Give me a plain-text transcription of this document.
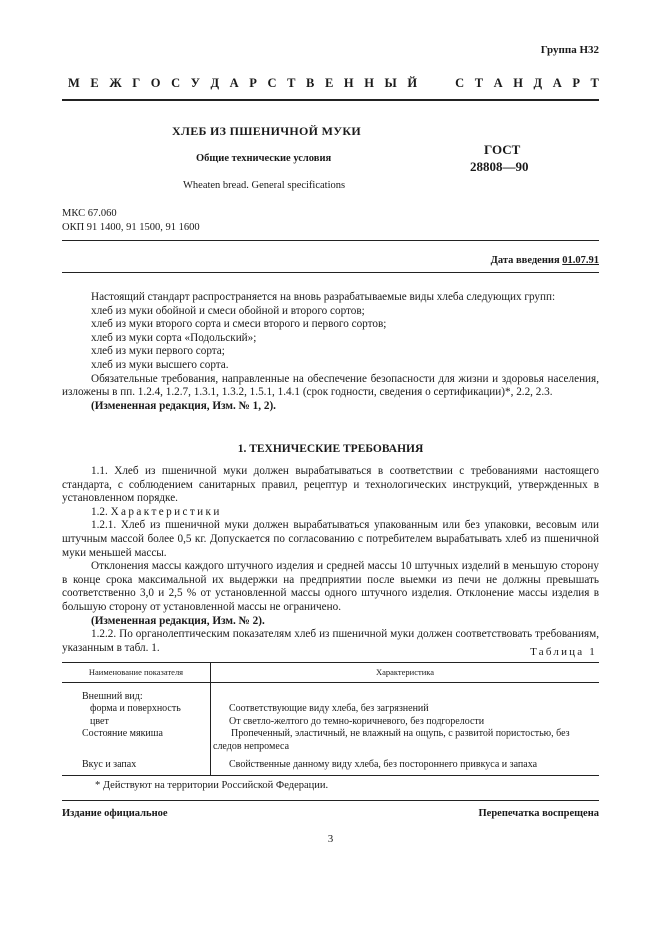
Группа Н32
М Е Ж Г О С У Д А Р С Т В Е Н Н Ы Й

	С Т А Н Д А Р Т
ХЛЕБ ИЗ ПШЕНИЧНОЙ МУКИ
Общие технические условия
Wheaten bread. General specifications
ГОСТ
28808—90
МКС 67.060
ОКП 91 1400, 91 1500, 91 1600
Дата введения 01.07.91

Настоящий стандарт распространяется на вновь разрабатываемые виды хлеба следующих групп:

хлеб из муки обойной и смеси обойной и второго сортов;

хлеб из муки второго сорта и смеси второго и первого сортов;

хлеб из муки сорта «Подольский»;

хлеб из муки первого сорта;

хлеб из муки высшего сорта.

Обязательные требования, направленные на обеспечение безопасности для жизни и здоровья населения, изложены в пп. 1.2.4, 1.2.7, 1.3.1, 1.3.2, 1.5.1, 1.4.1 (срок годности, сведения о сертификации)*, 2.2, 2.3.

(Измененная редакция, Изм. № 1, 2).

1. ТЕХНИЧЕСКИЕ ТРЕБОВАНИЯ

1.1. Хлеб из пшеничной муки должен вырабатываться в соответствии с требованиями настоящего стандарта, с соблюдением санитарных правил, рецептур и технологических инструкций, утвержденных в установленном порядке.

1.2. Характеристики

1.2.1. Хлеб из пшеничной муки должен вырабатываться упакованным или без упаковки, весовым или штучным массой более 0,5 кг. Допускается по согласованию с потребителем вырабатывать хлеб из пшеничной муки меньшей массы.

Отклонения массы каждого штучного изделия и средней массы 10 штучных изделий в меньшую сторону в конце срока максимальной их выдержки на предприятии после выемки из печи не должны превышать соответственно 3,0 и 2,5 % от установленной массы одного штучного изделия. Отклонение массы изделия в большую сторону от установленной массы не ограничено.

(Измененная редакция, Изм. № 2).

1.2.2. По органолептическим показателям хлеб из пшеничной муки должен соответствовать требованиям, указанным в табл. 1.	Таблица 1
Наименование показателя	Характеристика
Внешний вид:	
форма и поверхность	Соответствующие виду хлеба, без загрязнений
цвет	От светло-желтого до темно-коричневого, без подгорелости
Состояние мякиша	Пропеченный, эластичный, не влажный на ощупь, с развитой пористостью, без следов непромеса
Вкус и запах	Свойственные данному виду хлеба, без постороннего привкуса и запаха
* Действуют на территории Российской Федерации.
Издание официальное	Перепечатка воспрещена
3
